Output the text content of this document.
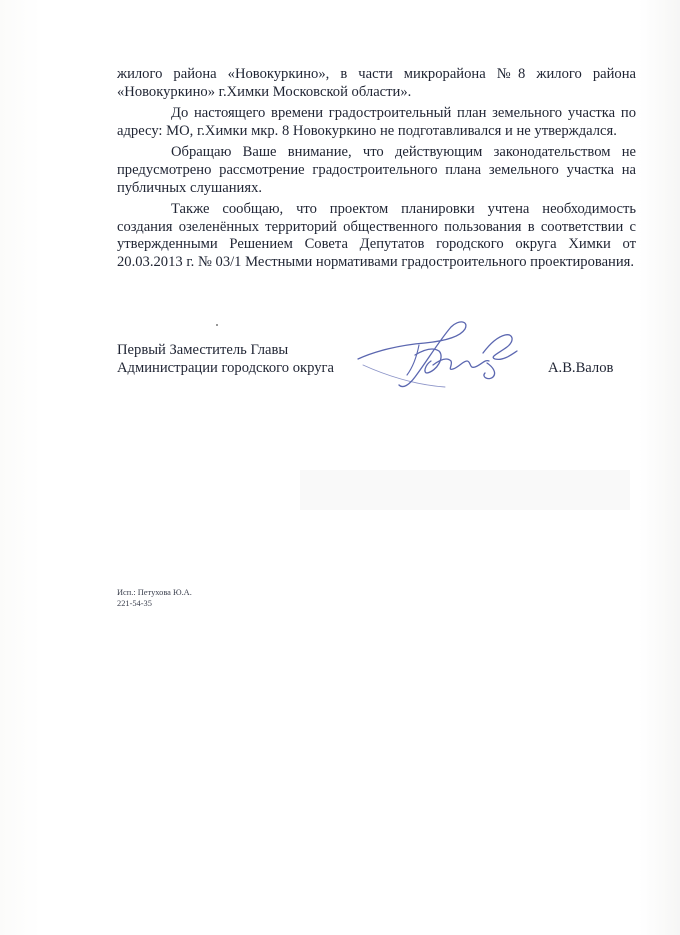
жилого района «Новокуркино», в части микрорайона №8 жилого района «Новокуркино» г.Химки Московской области».

До настоящего времени градостроительный план земельного участка по адресу: МО, г.Химки мкр. 8 Новокуркино не подготавливался и не утверждался.

Обращаю Ваше внимание, что действующим законодательством не предусмотрено рассмотрение градостроительного плана земельного участка на публичных слушаниях.

Также сообщаю, что проектом планировки учтена необходимость создания озеленённых территорий общественного пользования в соответствии с утвержденными Решением Совета Депутатов городского округа Химки от 20.03.2013 г. № 03/1 Местными нормативами градостроительного проектирования.

Первый Заместитель Главы
Администрации городского округа	А.В.Валов
Исп.: Петухова Ю.А.
221-54-35
